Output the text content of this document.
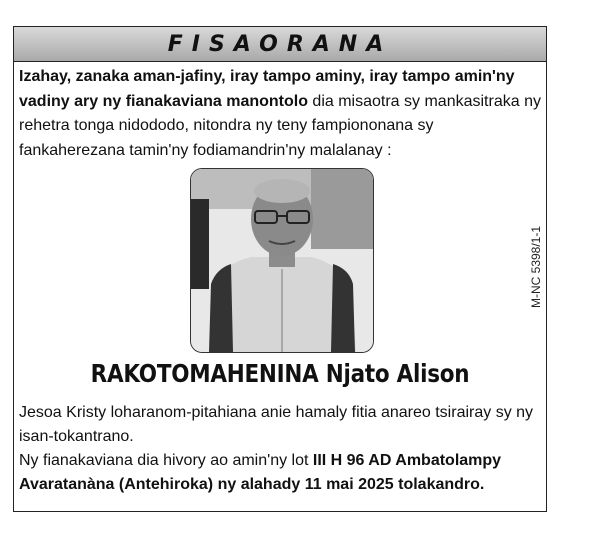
FISAORANA
Izahay, zanaka aman-jafiny, iray tampo aminy, iray tampo amin'ny vadiny ary ny fianakaviana manontolo dia misaotra sy mankasitraka ny rehetra tonga nidododo, nitondra ny teny fampiononana sy fankaherezana tamin'ny fodiamandrin'ny malalanay :
M-NC 5398/1-1
RAKOTOMAHENINA Njato Alison
Jesoa Kristy loharanom-pitahiana anie hamaly fitia anareo tsirairay sy ny isan-tokantrano.
Ny fianakaviana dia hivory ao amin'ny lot III H 96 AD Ambatolampy Avaratanàna (Antehiroka) ny alahady 11 mai 2025 tolakandro.
